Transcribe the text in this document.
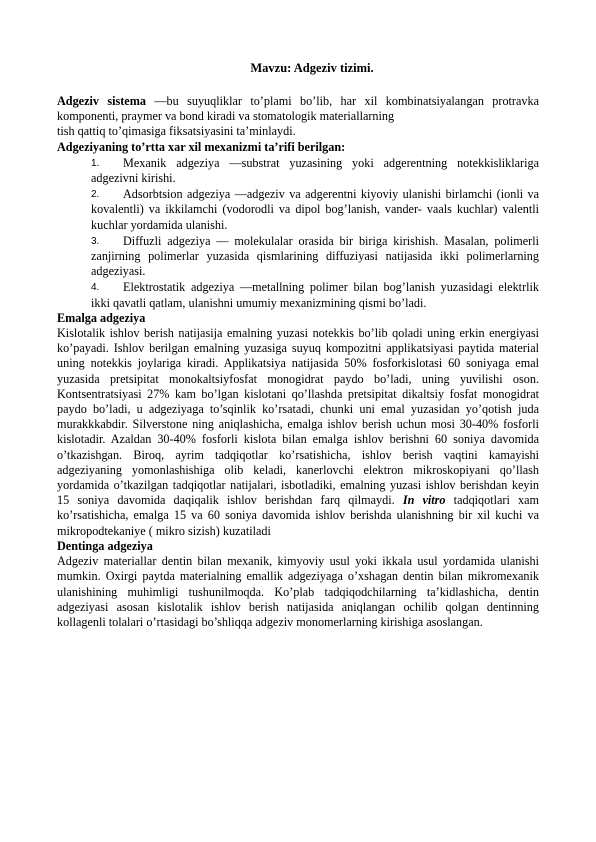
Mavzu: Adgeziv tizimi.

Adgeziv sistema —bu suyuqliklar to’plami bo’lib, har xil kombinatsiyalangan protravka komponenti, praymer va bond kiradi va stomatologik materiallarning

tish qattiq to’qimasiga fiksatsiyasini ta’minlaydi.

Adgeziyaning to’rtta xar xil mexanizmi ta’rifi berilgan:

1.	Mexanik adgeziya —substrat yuzasining yoki adgerentning notekkisliklariga adgezivni kirishi.
2.	Adsorbtsion adgeziya —adgeziv va adgerentni kiyoviy ulanishi birlamchi (ionli va kovalentli) va ikkilamchi (vodorodli va dipol bog’lanish, vander- vaals kuchlar) valentli kuchlar yordamida ulanishi.
3.	Diffuzli adgeziya — molekulalar orasida bir biriga kirishish. Masalan, polimerli zanjirning polimerlar yuzasida qismlarining diffuziyasi natijasida ikki polimerlarning adgeziyasi.
4.	Elektrostatik adgeziya —metallning polimer bilan bog’lanish yuzasidagi elektrlik ikki qavatli qatlam, ulanishni umumiy mexanizmining qismi bo’ladi.

Emalga adgeziya

Kislotalik ishlov berish natijasija emalning yuzasi notekkis bo’lib qoladi uning erkin energiyasi ko’payadi. Ishlov berilgan emalning yuzasiga suyuq kompozitni applikatsiyasi paytida material uning notekkis joylariga kiradi. Applikatsiya natijasida 50% fosforkislotasi 60 soniyaga emal yuzasida pretsipitat monokaltsiyfosfat monogidrat paydo bo’ladi, uning yuvilishi oson. Kontsentratsiyasi 27% kam bo’lgan kislotani qo’llashda pretsipitat dikaltsiy fosfat monogidrat paydo bo’ladi, u adgeziyaga to’sqinlik ko’rsatadi, chunki uni emal yuzasidan yo’qotish juda murakkkabdir. Silverstone ning aniqlashicha, emalga ishlov berish uchun mosi 30-40% fosforli kislotadir. Azaldan 30-40% fosforli kislota bilan emalga ishlov berishni 60 soniya davomida o’tkazishgan. Biroq, ayrim tadqiqotlar ko’rsatishicha, ishlov berish vaqtini kamayishi adgeziyaning yomonlashishiga olib keladi, kanerlovchi elektron mikroskopiyani qo’llash yordamida o’tkazilgan tadqiqotlar natijalari, isbotladiki, emalning yuzasi ishlov berishdan keyin 15 soniya davomida daqiqalik ishlov berishdan farq qilmaydi. In vitro tadqiqotlari xam ko’rsatishicha, emalga 15 va 60 soniya davomida ishlov berishda ulanishning bir xil kuchi va mikropodtekaniye ( mikro sizish) kuzatiladi

Dentinga adgeziya

Adgeziv materiallar dentin bilan mexanik, kimyoviy usul yoki ikkala usul yordamida ulanishi mumkin. Oxirgi paytda materialning emallik adgeziyaga o’xshagan dentin bilan mikromexanik ulanishining muhimligi tushunilmoqda. Ko’plab tadqiqodchilarning ta’kidlashicha, dentin adgeziyasi asosan kislotalik ishlov berish natijasida aniqlangan ochilib qolgan dentinning kollagenli tolalari o’rtasidagi bo’shliqqa adgeziv monomerlarning kirishiga asoslangan.
